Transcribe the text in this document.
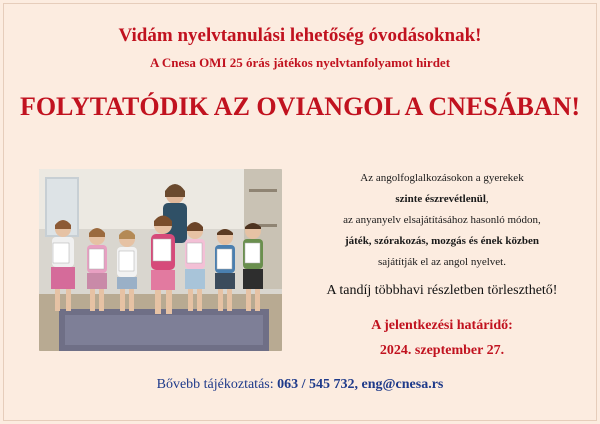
Vidám nyelvtanulási lehetőség óvodásoknak!
A Cnesa OMI 25 órás játékos nyelvtanfolyamot hirdet
FOLYTATÓDIK AZ OVIANGOL A CNESÁBAN!
Az angolfoglalkozásokon a gyerekek
szinte észrevétlenül,
az anyanyelv elsajátításához hasonló módon,
játék, szórakozás, mozgás és ének közben
sajátítják el az angol nyelvet.
A tandíj többhavi részletben törleszthető!
A jelentkezési határidő:
2024. szeptember 27.
Bővebb tájékoztatás: 063 / 545 732, eng@cnesa.rs
